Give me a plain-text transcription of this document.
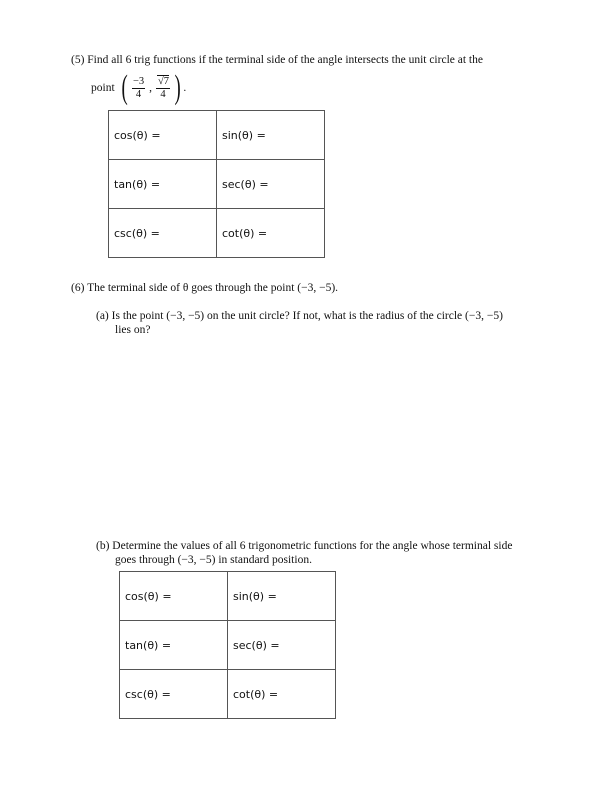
(5) Find all 6 trig functions if the terminal side of the angle intersects the unit circle at the
point ( $\frac{-3}{4}$ , $\frac{√7}{4}$ ) .
cos(θ) =	sin(θ) =
tan(θ) =	sec(θ) =
csc(θ) =	cot(θ) =
(6) The terminal side of θ goes through the point (−3, −5).
(a) Is the point (−3, −5) on the unit circle? If not, what is the radius of the circle (−3, −5)
lies on?
(b) Determine the values of all 6 trigonometric functions for the angle whose terminal side
goes through (−3, −5) in standard position.
cos(θ) =	sin(θ) =
tan(θ) =	sec(θ) =
csc(θ) =	cot(θ) =
